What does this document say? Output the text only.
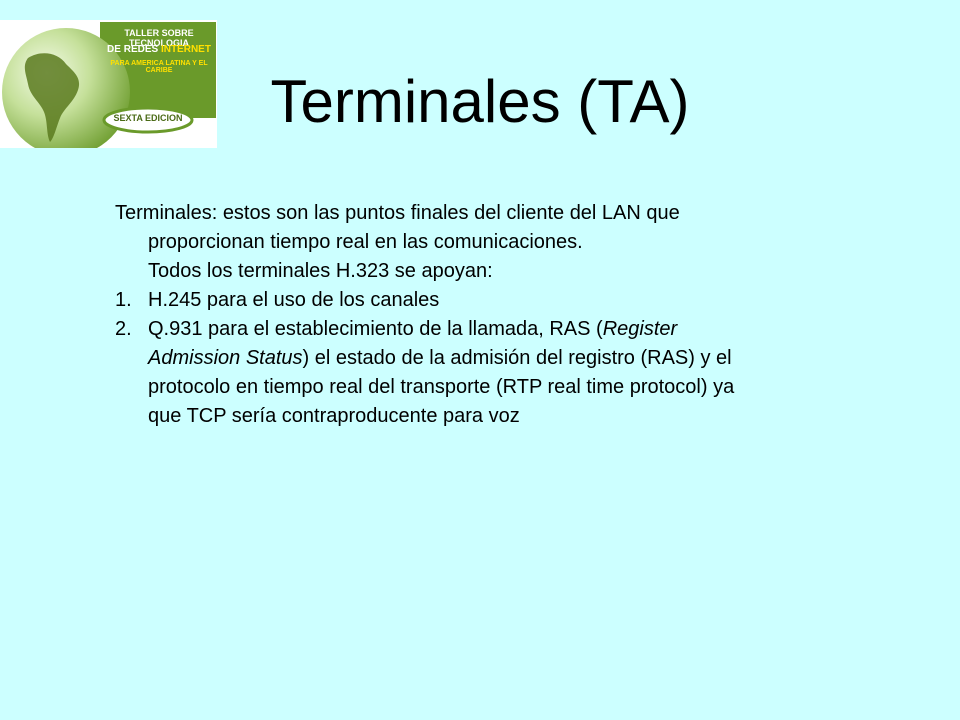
TALLER SOBRE TECNOLOGIA
DE REDES INTERNET
PARA AMERICA LATINA Y EL CARIBE
SEXTA EDICION	Terminales (TA)

Terminales: estos son las puntos finales del cliente del LAN que
proporcionan tiempo real en las comunicaciones.
Todos los terminales H.323 se apoyan:

1. H.245 para el uso de los canales
2. Q.931 para el establecimiento de la llamada, RAS (Register
Admission Status) el estado de la admisión del registro (RAS) y el
protocolo en tiempo real del transporte (RTP real time protocol) ya
que TCP sería contraproducente para voz
